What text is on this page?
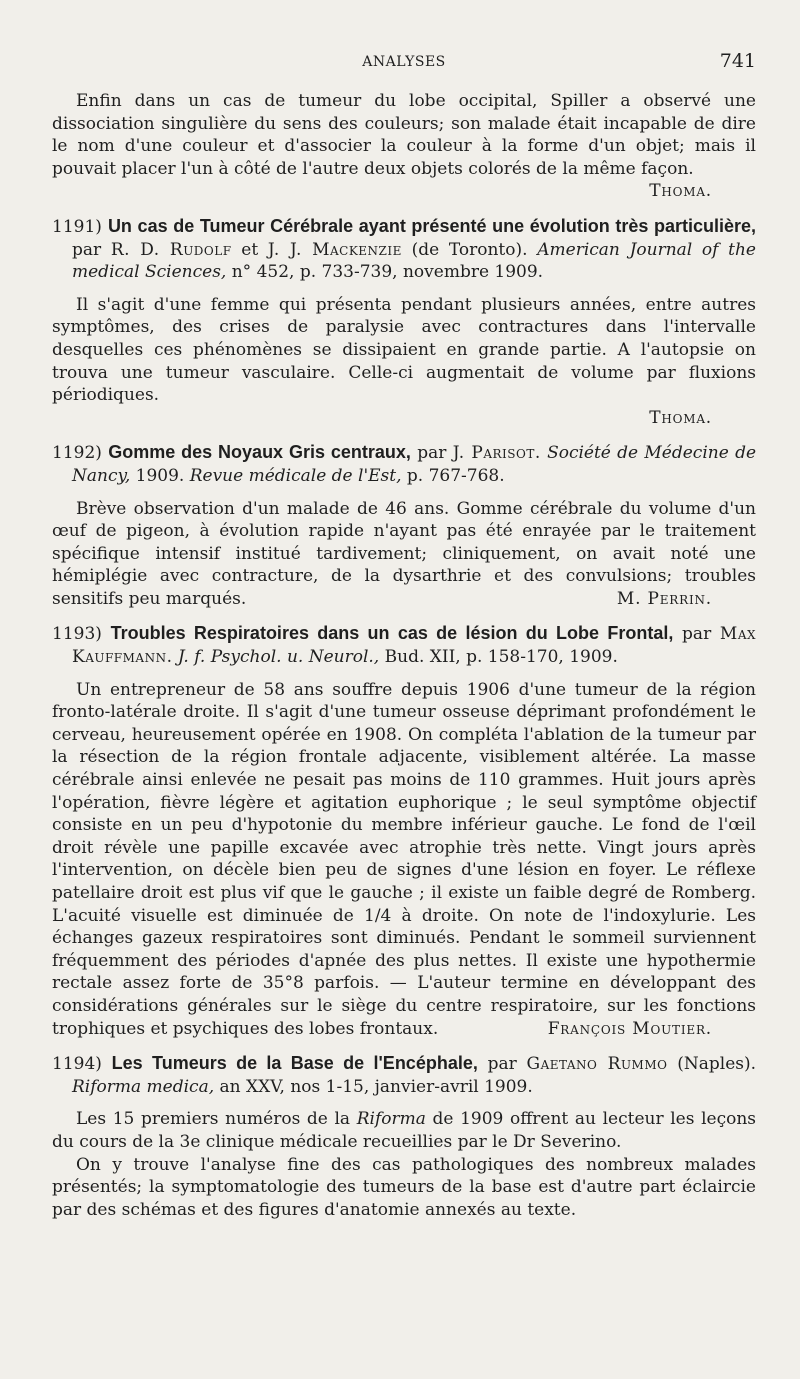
ANALYSES	741

Enfin dans un cas de tumeur du lobe occipital, Spiller a observé une dissociation singulière du sens des couleurs; son malade était incapable de dire le nom d'une couleur et d'associer la couleur à la forme d'un objet; mais il pouvait placer l'un à côté de l'autre deux objets colorés de la même façon.

Thoma.

1191) Un cas de Tumeur Cérébrale ayant présenté une évolution très particulière, par R. D. Rudolf et J. J. Mackenzie (de Toronto). American Journal of the medical Sciences, n° 452, p. 733-739, novembre 1909.

Il s'agit d'une femme qui présenta pendant plusieurs années, entre autres symptômes, des crises de paralysie avec contractures dans l'intervalle desquelles ces phénomènes se dissipaient en grande partie. A l'autopsie on trouva une tumeur vasculaire. Celle-ci augmentait de volume par fluxions périodiques.

Thoma.

1192) Gomme des Noyaux Gris centraux, par J. Parisot. Société de Médecine de Nancy, 1909. Revue médicale de l'Est, p. 767-768.

Brève observation d'un malade de 46 ans. Gomme cérébrale du volume d'un œuf de pigeon, à évolution rapide n'ayant pas été enrayée par le traitement spécifique intensif institué tardivement; cliniquement, on avait noté une hémiplégie avec contracture, de la dysarthrie et des convulsions; troubles sensitifs peu marqués.	M. Perrin.

1193) Troubles Respiratoires dans un cas de lésion du Lobe Frontal, par Max Kauffmann. J. f. Psychol. u. Neurol., Bud. XII, p. 158-170, 1909.

Un entrepreneur de 58 ans souffre depuis 1906 d'une tumeur de la région fronto-latérale droite. Il s'agit d'une tumeur osseuse déprimant profondément le cerveau, heureusement opérée en 1908. On compléta l'ablation de la tumeur par la résection de la région frontale adjacente, visiblement altérée. La masse cérébrale ainsi enlevée ne pesait pas moins de 110 grammes. Huit jours après l'opération, fièvre légère et agitation euphorique ; le seul symptôme objectif consiste en un peu d'hypotonie du membre inférieur gauche. Le fond de l'œil droit révèle une papille excavée avec atrophie très nette. Vingt jours après l'intervention, on décèle bien peu de signes d'une lésion en foyer. Le réflexe patellaire droit est plus vif que le gauche ; il existe un faible degré de Romberg. L'acuité visuelle est diminuée de 1/4 à droite. On note de l'indoxylurie. Les échanges gazeux respiratoires sont diminués. Pendant le sommeil surviennent fréquemment des périodes d'apnée des plus nettes. Il existe une hypothermie rectale assez forte de 35°8 parfois. — L'auteur termine en développant des considérations générales sur le siège du centre respiratoire, sur les fonctions trophiques et psychiques des lobes frontaux.	François Moutier.

1194) Les Tumeurs de la Base de l'Encéphale, par Gaetano Rummo (Naples). Riforma medica, an XXV, nos 1-15, janvier-avril 1909.

Les 15 premiers numéros de la Riforma de 1909 offrent au lecteur les leçons du cours de la 3e clinique médicale recueillies par le Dr Severino.

On y trouve l'analyse fine des cas pathologiques des nombreux malades présentés; la symptomatologie des tumeurs de la base est d'autre part éclaircie par des schémas et des figures d'anatomie annexés au texte.
